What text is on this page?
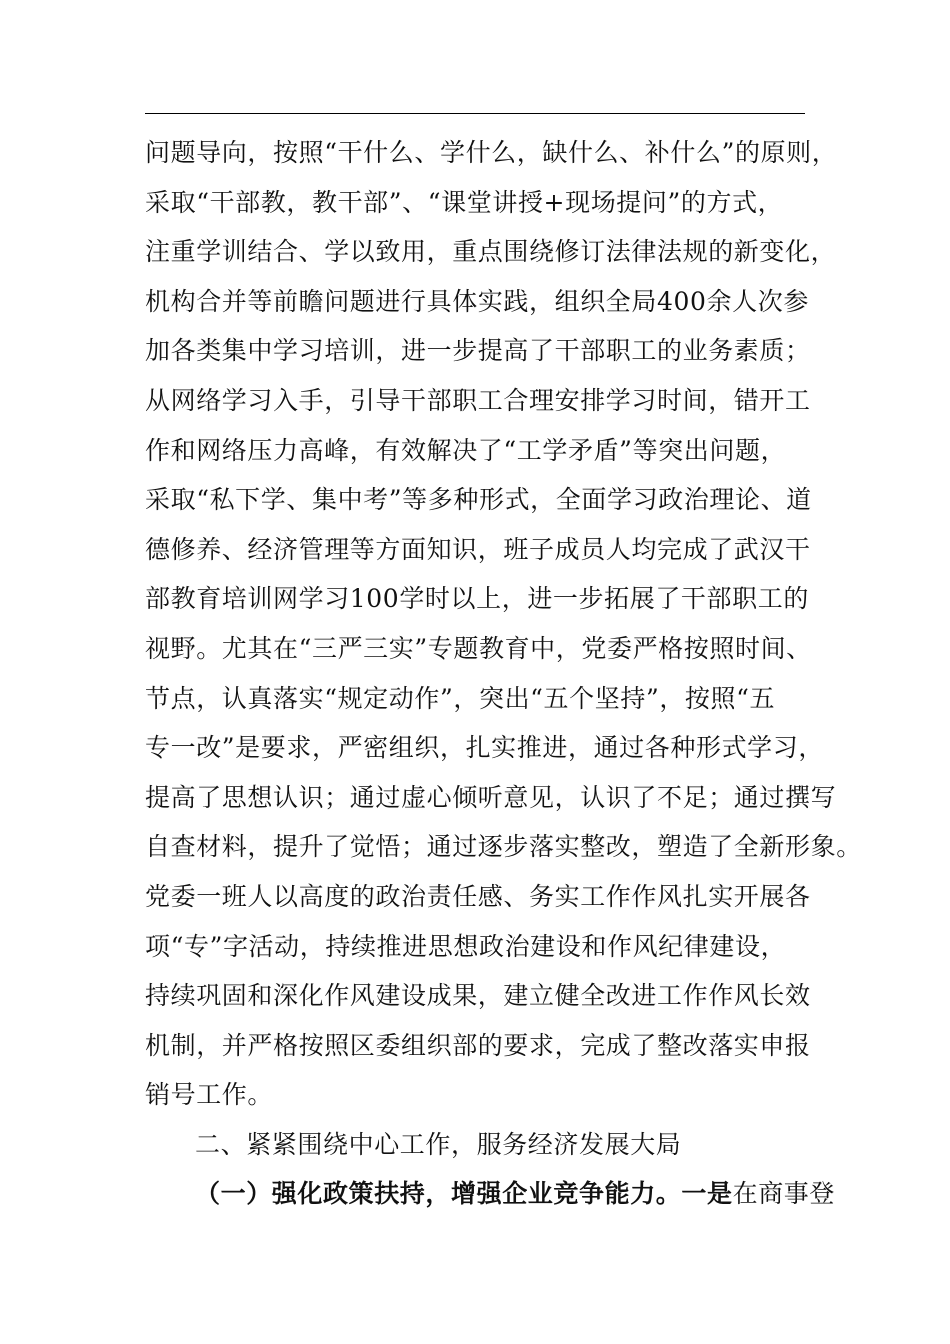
问题导向，按照“干什么、学什么，缺什么、补什么”的原则，
采取“干部教，教干部”、“课堂讲授+现场提问”的方式，
注重学训结合、学以致用，重点围绕修订法律法规的新变化，
机构合并等前瞻问题进行具体实践，组织全局400余人次参
加各类集中学习培训，进一步提高了干部职工的业务素质；
从网络学习入手，引导干部职工合理安排学习时间，错开工
作和网络压力高峰，有效解决了“工学矛盾”等突出问题，
采取“私下学、集中考”等多种形式，全面学习政治理论、道
德修养、经济管理等方面知识，班子成员人均完成了武汉干
部教育培训网学习100学时以上，进一步拓展了干部职工的
视野。尤其在“三严三实”专题教育中，党委严格按照时间、
节点，认真落实“规定动作”，突出“五个坚持”，按照“五
专一改”是要求，严密组织，扎实推进，通过各种形式学习，
提高了思想认识；通过虚心倾听意见，认识了不足；通过撰写
自查材料，提升了觉悟；通过逐步落实整改，塑造了全新形象。
党委一班人以高度的政治责任感、务实工作作风扎实开展各
项“专”字活动，持续推进思想政治建设和作风纪律建设，
持续巩固和深化作风建设成果，建立健全改进工作作风长效
机制，并严格按照区委组织部的要求，完成了整改落实申报
销号工作。
二、紧紧围绕中心工作，服务经济发展大局
（一）强化政策扶持，增强企业竞争能力。一是在商事登
